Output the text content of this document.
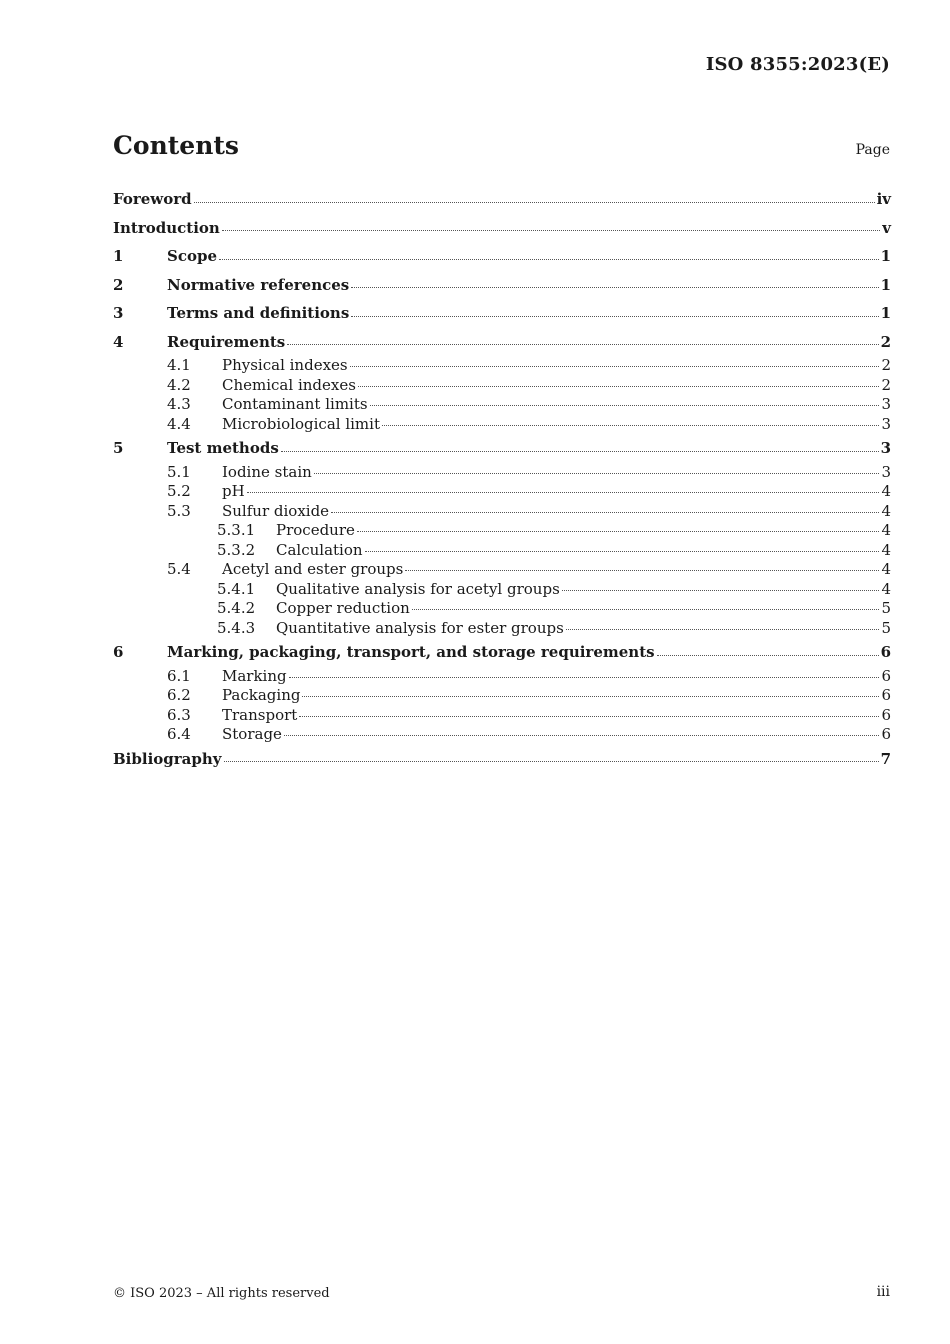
ISO 8355:2023(E)
Contents	Page
Foreword	iv
Introduction	v
1	Scope	1
2	Normative references	1
3	Terms and definitions	1
4	Requirements	2
4.1	Physical indexes	2
4.2	Chemical indexes	2
4.3	Contaminant limits	3
4.4	Microbiological limit	3
5	Test methods	3
5.1	Iodine stain	3
5.2	pH	4
5.3	Sulfur dioxide	4
5.3.1	Procedure	4
5.3.2	Calculation	4
5.4	Acetyl and ester groups	4
5.4.1	Qualitative analysis for acetyl groups	4
5.4.2	Copper reduction	5
5.4.3	Quantitative analysis for ester groups	5
6	Marking, packaging, transport, and storage requirements	6
6.1	Marking	6
6.2	Packaging	6
6.3	Transport	6
6.4	Storage	6
Bibliography	7
© ISO 2023 – All rights reserved	iii
